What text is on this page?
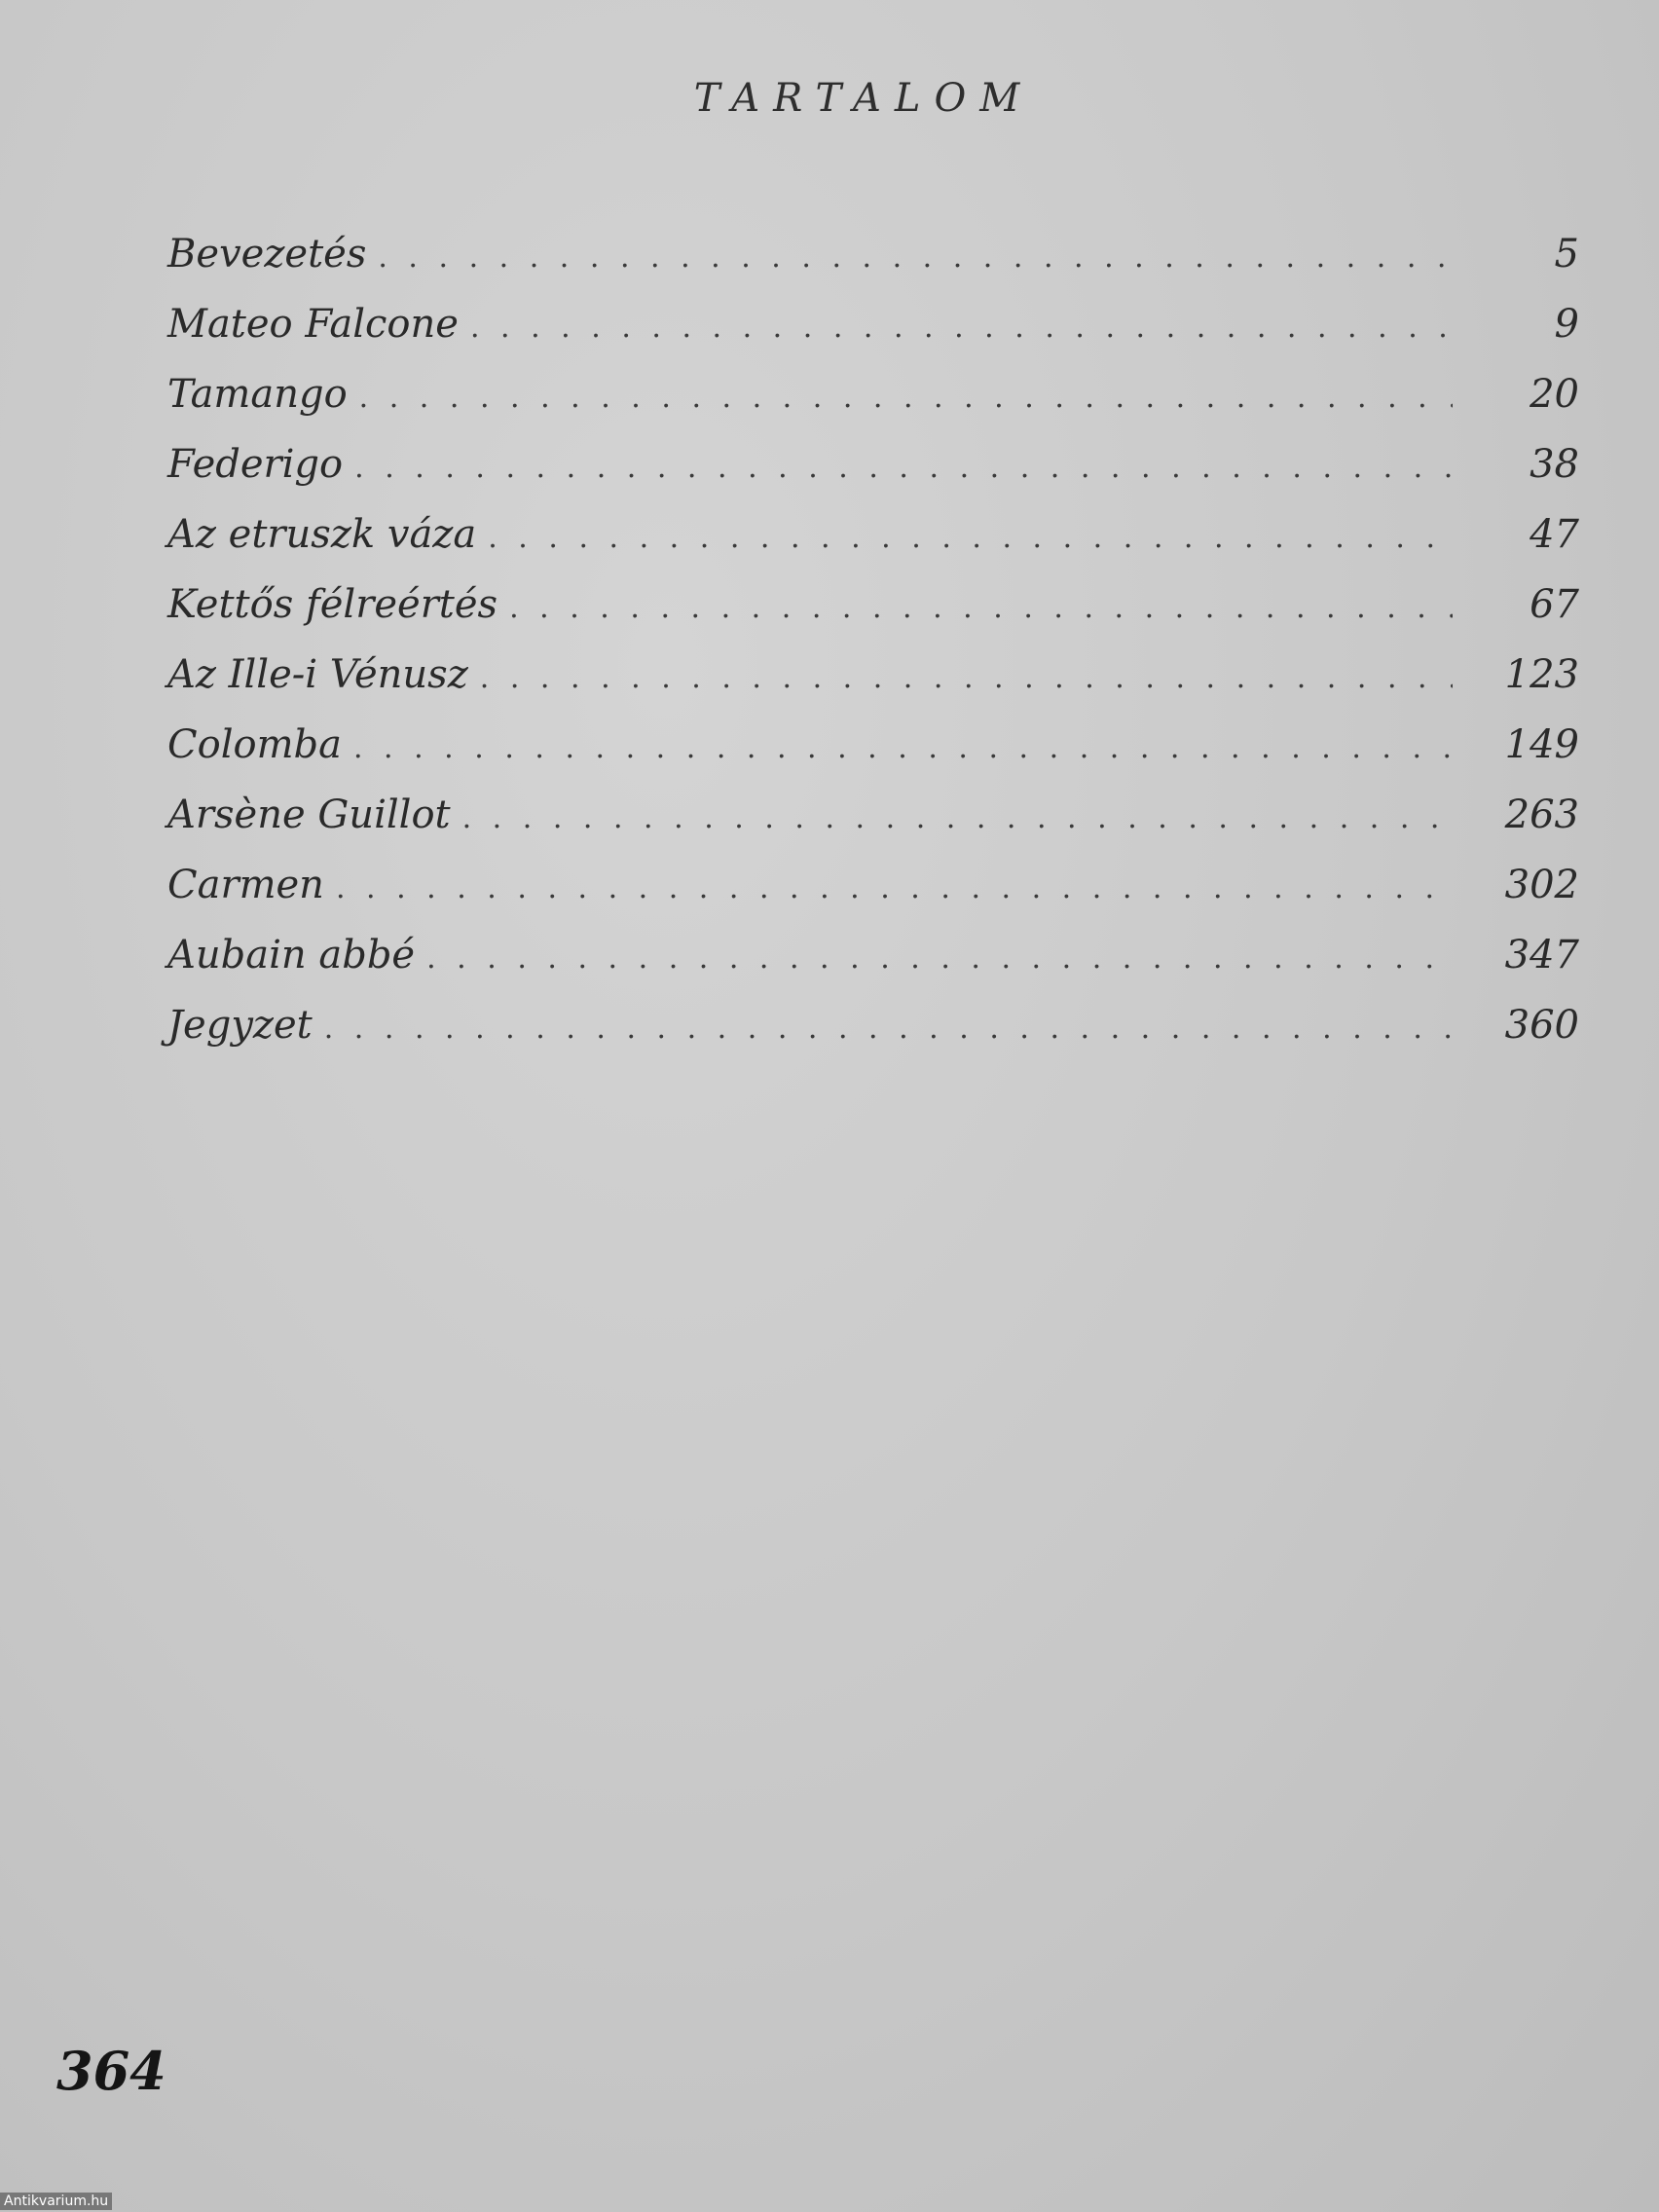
TARTALOM
Bevezetés . . .	5
Mateo Falcone . . .	9
Tamango . . .	20
Federigo . . .	38
Az etruszk váza . . .	47
Kettős félreértés . . .	67
Az Ille-i Vénusz . . .	123
Colomba . . .	149
Arsène Guillot . . .	263
Carmen . . .	302
Aubain abbé . . .	347
Jegyzet . . .	360
364
Antikvarium.hu
